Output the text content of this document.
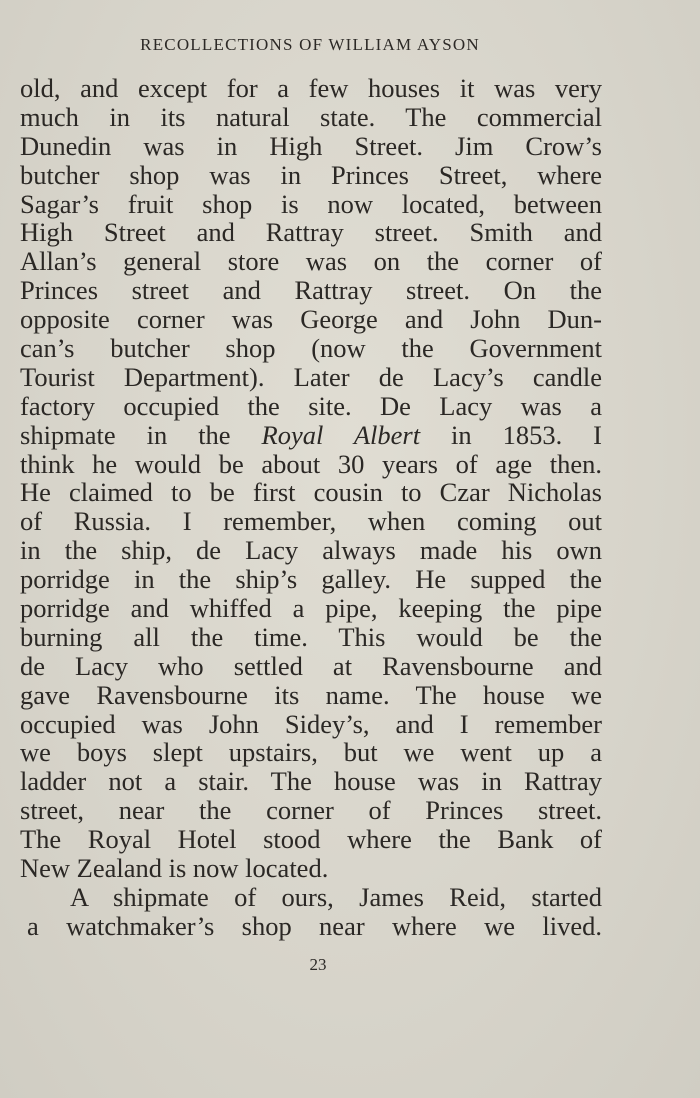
RECOLLECTIONS OF WILLIAM AYSON
old, and except for a few houses it was very
much in its natural state. The commercial
Dunedin was in High Street. Jim Crow’s
butcher shop was in Princes Street, where
Sagar’s fruit shop is now located, between
High Street and Rattray street. Smith and
Allan’s general store was on the corner of
Princes street and Rattray street. On the
opposite corner was George and John Dun-
can’s butcher shop (now the Government
Tourist Department). Later de Lacy’s candle
factory occupied the site. De Lacy was a
shipmate in the Royal Albert in 1853. I
think he would be about 30 years of age then.
He claimed to be first cousin to Czar Nicholas
of Russia. I remember, when coming out
in the ship, de Lacy always made his own
porridge in the ship’s galley. He supped the
porridge and whiffed a pipe, keeping the pipe
burning all the time. This would be the
de Lacy who settled at Ravensbourne and
gave Ravensbourne its name. The house we
occupied was John Sidey’s, and I remember
we boys slept upstairs, but we went up a
ladder not a stair. The house was in Rattray
street, near the corner of Princes street.
The Royal Hotel stood where the Bank of
New Zealand is now located.
A shipmate of ours, James Reid, started
a watchmaker’s shop near where we lived.
23
